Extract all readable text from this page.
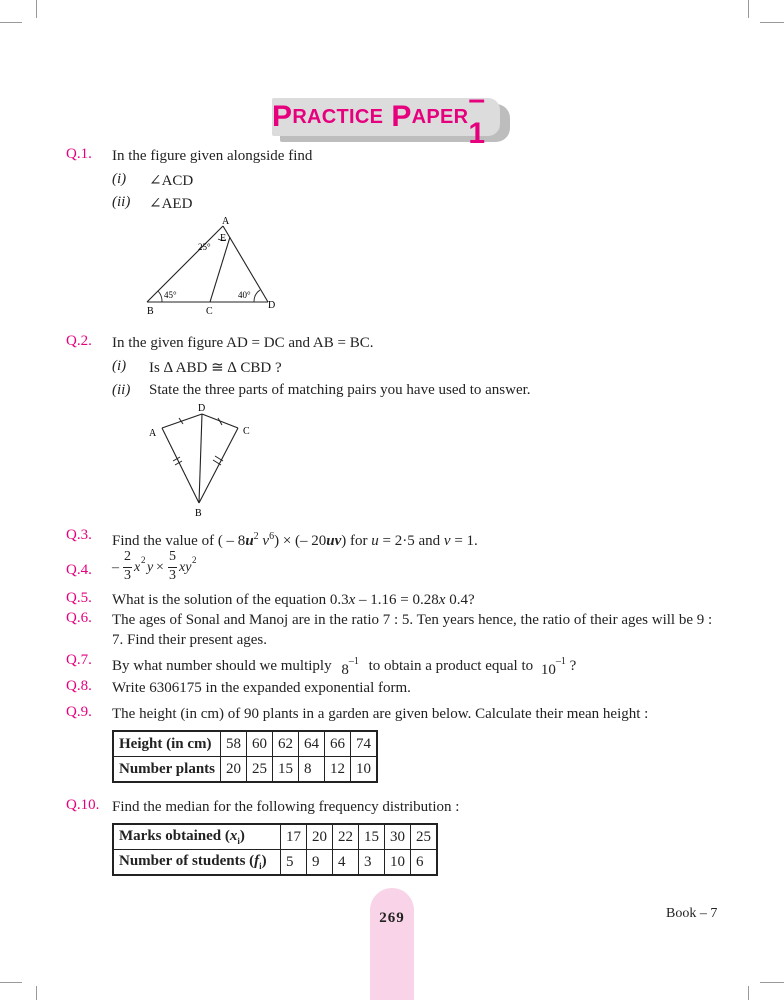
P RACTICE P APER
–1
Q.1. In the figure given alongside find
(i) ∠ACD
(ii) ∠AED
A
E
25°
45°	40°
B	C
D
Q.2. In the given figure AD = DC and AB = BC.
(i) Is ∆ ABD ≅ ∆ CBD ?
(ii) State the three parts of matching pairs you have used to answer.
D
A	C
B
Q.3. Find the value of ( – $8u^2$ $v^6$) × (– 20uv) for u = 2·5 and v = 1.
Q.4. –
2
3
x 2 y ×
5
3
xy 2
Q.5. What is the solution of the equation 0.3x – 1.16 = 0.28x 0.4?
Q.6. The ages of Sonal and Manoj are in the ratio 7 : 5. Ten years hence, the ratio of their ages will be 9 : 7. Find their present ages.
Q.7. By what number should we multiply $8^{-1}$ to obtain a product equal to $10^{-1}$ ?
Q.8. Write 6306175 in the expanded exponential form.
Q.9. The height (in cm) of 90 plants in a garden are given below. Calculate their mean height :
Height (in cm)	58	60	62	64	66	74
Number plants	20	25	15	8	12	10
Q.10. Find the median for the following frequency distribution :
Marks obtained $(x_i)$	17	20	22	15	30	25
Number of students $(f_i)$	5	9	4	3	10	6
269	Book – 7
